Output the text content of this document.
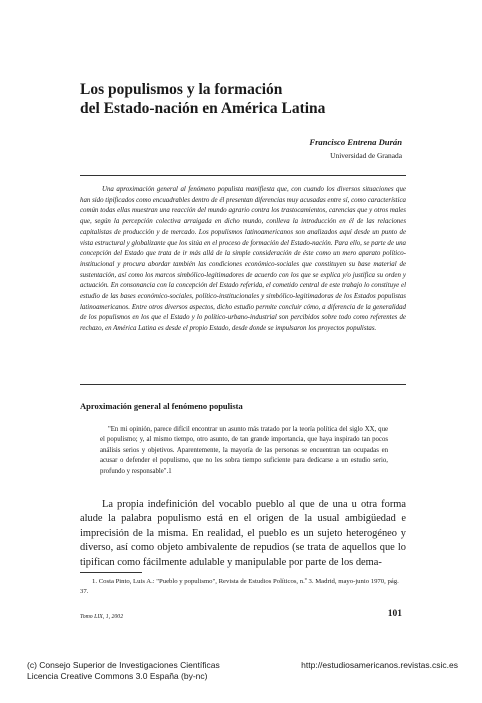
Los populismos y la formación
del Estado-nación en América Latina
Francisco Entrena Durán
Universidad de Granada

Una aproximación general al fenómeno populista manifiesta que, con cuando los diversos situaciones que han sido tipificados como encuadrables dentro de él presentan diferencias muy acusadas entre sí, como característica común todas ellas muestran una reacción del mundo agrario contra los trastocamientos, carencias que y otros males que, según la percepción colectiva arraigada en dicho mundo, conlleva la introducción en él de las relaciones capitalistas de producción y de mercado. Los populismos latinoamericanos son analizados aquí desde un punto de vista estructural y globalizante que los sitúa en el proceso de formación del Estado-nación. Para ello, se parte de una concepción del Estado que trata de ir más allá de la simple consideración de éste como un mero aparato político-institucional y procura abordar también las condiciones económico-sociales que constituyen su base material de sustentación, así como los marcos simbólico-legitimadores de acuerdo con los que se explica y/o justifica su orden y actuación. En consonancia con la concepción del Estado referida, el cometido central de este trabajo lo constituye el estudio de las bases económico-sociales, político-institucionales y simbólico-legitimadoras de los Estados populistas latinoamericanos. Entre otros diversos aspectos, dicho estudio permite concluir cómo, a diferencia de la generalidad de los populismos en los que el Estado y lo político-urbano-industrial son percibidos sobre todo como referentes de rechazo, en América Latina es desde el propio Estado, desde donde se impulsaron los proyectos populistas.

Aproximación general al fenómeno populista

"En mi opinión, parece difícil encontrar un asunto más tratado por la teoría política del siglo XX, que el populismo; y, al mismo tiempo, otro asunto, de tan grande importancia, que haya inspirado tan pocos análisis serios y objetivos. Aparentemente, la mayoría de las personas se encuentran tan ocupadas en acusar o defender el populismo, que no les sobra tiempo suficiente para dedicarse a un estudio serio, profundo y responsable".1

La propia indefinición del vocablo pueblo al que de una u otra forma alude la palabra populismo está en el origen de la usual ambigüedad e imprecisión de la misma. En realidad, el pueblo es un sujeto heterogéneo y diverso, así como objeto ambivalente de repudios (se trata de aquellos que lo tipifican como fácilmente adulable y manipulable por parte de los dema-

1. Costa Pinto, Luis A.: "Pueblo y populismo", Revista de Estudios Políticos, n.º 3. Madrid, mayo-junio 1970, pág. 37.

Tomo LIX, 1, 2002	101
(c) Consejo Superior de Investigaciones Científicas
Licencia Creative Commons 3.0 España (by-nc)
http://estudiosamericanos.revistas.csic.es
